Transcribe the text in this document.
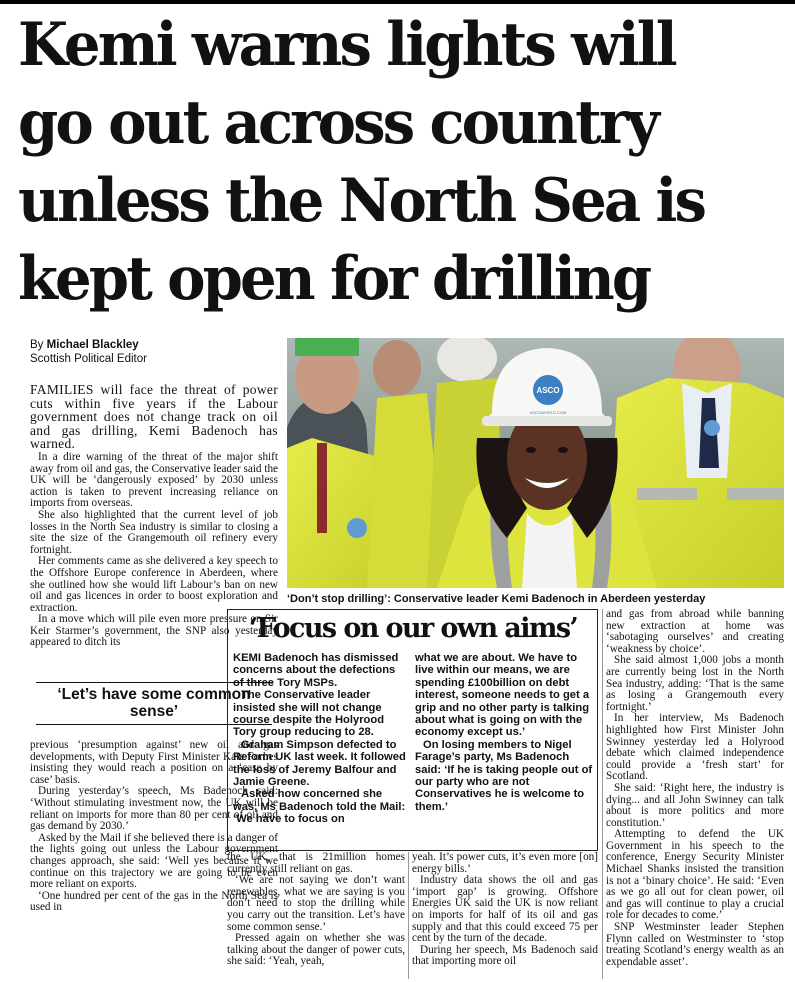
Kemi warns lights will go out across country unless the North Sea is kept open for drilling
By Michael Blackley
Scottish Political Editor

FAMILIES will face the threat of power cuts within five years if the Labour government does not change track on oil and gas drilling, Kemi Badenoch has warned.

In a dire warning of the threat of the major shift away from oil and gas, the Conservative leader said the UK will be ‘dangerously exposed’ by 2030 unless action is taken to prevent increasing reliance on imports from overseas.

She also highlighted that the current level of job losses in the North Sea industry is similar to closing a site the size of the Grangemouth oil refinery every fortnight.

Her comments came as she delivered a key speech to the Offshore Europe conference in Aberdeen, where she outlined how she would lift Labour’s ban on new oil and gas licences in order to boost exploration and extraction.

In a move which will pile even more pressure on Sir Keir Starmer’s government, the SNP also yesterday appeared to ditch its

‘Let’s have some common sense’

previous ‘presumption against’ new oil and gas developments, with Deputy First Minister Kate Forbes insisting they would reach a position on a ‘case by case’ basis.

During yesterday’s speech, Ms Badenoch said: ‘Without stimulating investment now, the UK will be reliant on imports for more than 80 per cent of oil and gas demand by 2030.’

Asked by the Mail if she believed there is a danger of the lights going out unless the Labour government changes approach, she said: ‘Well yes because if we continue on this trajectory we are going to be even more reliant on exports.

‘One hundred per cent of the gas in the North Sea is used in

ASCO
ASCOWORLD.COM
‘Don’t stop drilling’: Conservative leader Kemi Badenoch in Aberdeen yesterday
‘Focus on our own aims’

KEMI Badenoch has dismissed concerns about the defections of three Tory MSPs.

The Conservative leader insisted she will not change course despite the Holyrood Tory group reducing to 28.

Graham Simpson defected to Reform UK last week. It followed the loss of Jeremy Balfour and Jamie Greene.

Asked how concerned she was, Ms Badenoch told the Mail: ‘We have to focus on

what we are about. We have to live within our means, we are spending £100billion on debt interest, someone needs to get a grip and no other party is talking about what is going on with the economy except us.’

On losing members to Nigel Farage’s party, Ms Badenoch said: ‘If he is taking people out of our party who are not Conservatives he is welcome to them.’

the UK, that is 21million homes currently still reliant on gas.

‘We are not saying we don’t want renewables, what we are saying is you don’t need to stop the drilling while you carry out the transition. Let’s have some common sense.’

Pressed again on whether she was talking about the danger of power cuts, she said: ‘Yeah, yeah,

yeah. It’s power cuts, it’s even more [on] energy bills.’

Industry data shows the oil and gas ‘import gap’ is growing. Offshore Energies UK said the UK is now reliant on imports for half of its oil and gas supply and that this could exceed 75 per cent by the turn of the decade.

During her speech, Ms Badenoch said that importing more oil

and gas from abroad while banning new extraction at home was ‘sabotaging ourselves’ and creating ‘weakness by choice’.

She said almost 1,000 jobs a month are currently being lost in the North Sea industry, adding: ‘That is the same as losing a Grangemouth every fortnight.’

In her interview, Ms Badenoch highlighted how First Minister John Swinney yesterday led a Holyrood debate which claimed independence could provide a ‘fresh start’ for Scotland.

She said: ‘Right here, the industry is dying... and all John Swinney can talk about is more politics and more constitution.’

Attempting to defend the UK Government in his speech to the conference, Energy Security Minister Michael Shanks insisted the transition is not a ‘binary choice’. He said: ‘Even as we go all out for clean power, oil and gas will continue to play a crucial role for decades to come.’

SNP Westminster leader Stephen Flynn called on Westminster to ‘stop treating Scotland’s energy wealth as an expendable asset’.
